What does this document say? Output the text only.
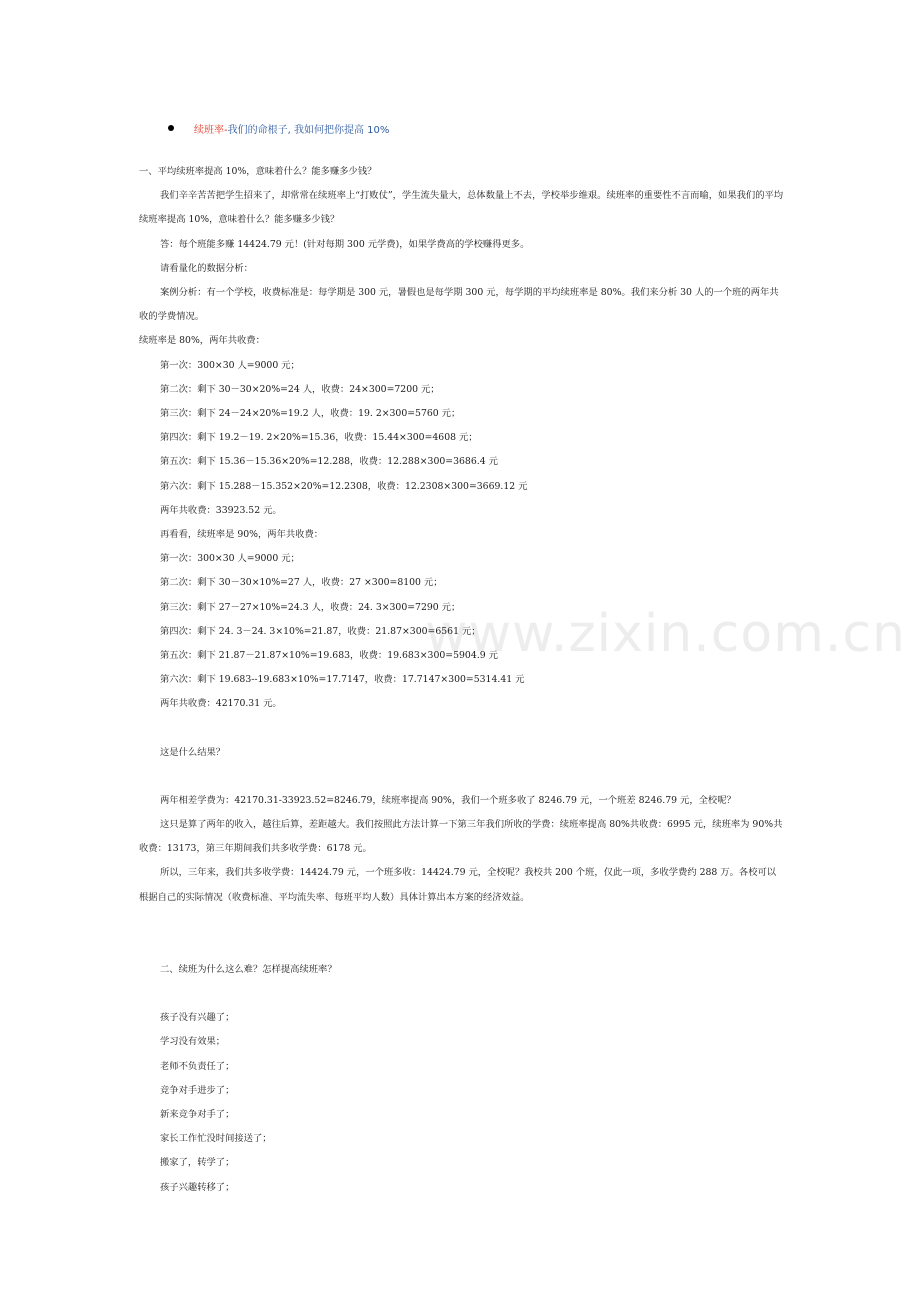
www.zixin.com.cn
续班率- 我们的命根子, 我如何把你提高 10%

一、平均续班率提高 10%，意味着什么？能多赚多少钱？

我们辛辛苦苦把学生招来了，却常常在续班率上“打败仗”，学生流失量大，总体数量上不去，学校举步维艰。续班率的重要性不言而喻，如果我们的平均续班率提高 10%，意味着什么？能多赚多少钱？

答：每个班能多赚 14424.79 元！(针对每期 300 元学费)，如果学费高的学校赚得更多。

请看量化的数据分析：

案例分析：有一个学校，收费标准是：每学期是 300 元，暑假也是每学期 300 元，每学期的平均续班率是 80%。我们来分析 30 人的一个班的两年共收的学费情况。

续班率是 80%，两年共收费：

第一次：300×30 人=9000 元；

第二次：剩下 30－30×20%=24 人，收费：24×300=7200 元；

第三次：剩下 24－24×20%=19.2 人，收费：19. 2×300=5760 元；

第四次：剩下 19.2－19. 2×20%=15.36，收费：15.44×300=4608 元；

第五次：剩下 15.36－15.36×20%=12.288，收费：12.288×300=3686.4 元

第六次：剩下 15.288－15.352×20%=12.2308，收费：12.2308×300=3669.12 元

两年共收费：33923.52 元。

再看看，续班率是 90%，两年共收费：

第一次：300×30 人=9000 元；

第二次：剩下 30－30×10%=27 人，收费：27 ×300=8100 元；

第三次：剩下 27－27×10%=24.3 人，收费：24. 3×300=7290 元；

第四次：剩下 24. 3－24. 3×10%=21.87，收费：21.87×300=6561 元；

第五次：剩下 21.87－21.87×10%=19.683，收费：19.683×300=5904.9 元

第六次：剩下 19.683--19.683×10%=17.7147，收费：17.7147×300=5314.41 元

两年共收费：42170.31 元。

这是什么结果？

两年相差学费为：42170.31-33923.52=8246.79，续班率提高 90%，我们一个班多收了 8246.79 元，一个班差 8246.79 元，全校呢？

这只是算了两年的收入，越往后算，差距越大。我们按照此方法计算一下第三年我们所收的学费：续班率提高 80%共收费：6995 元，续班率为 90%共收费：13173，第三年期间我们共多收学费：6178 元。

所以，三年来，我们共多收学费：14424.79 元，一个班多收：14424.79 元，全校呢？我校共 200 个班，仅此一项，多收学费约 288 万。各校可以根据自己的实际情况（收费标准、平均流失率、每班平均人数）具体计算出本方案的经济效益。

二、续班为什么这么难？怎样提高续班率？

孩子没有兴趣了；

学习没有效果；

老师不负责任了；

竞争对手进步了；

新来竞争对手了；

家长工作忙没时间接送了；

搬家了，转学了；

孩子兴趣转移了；
